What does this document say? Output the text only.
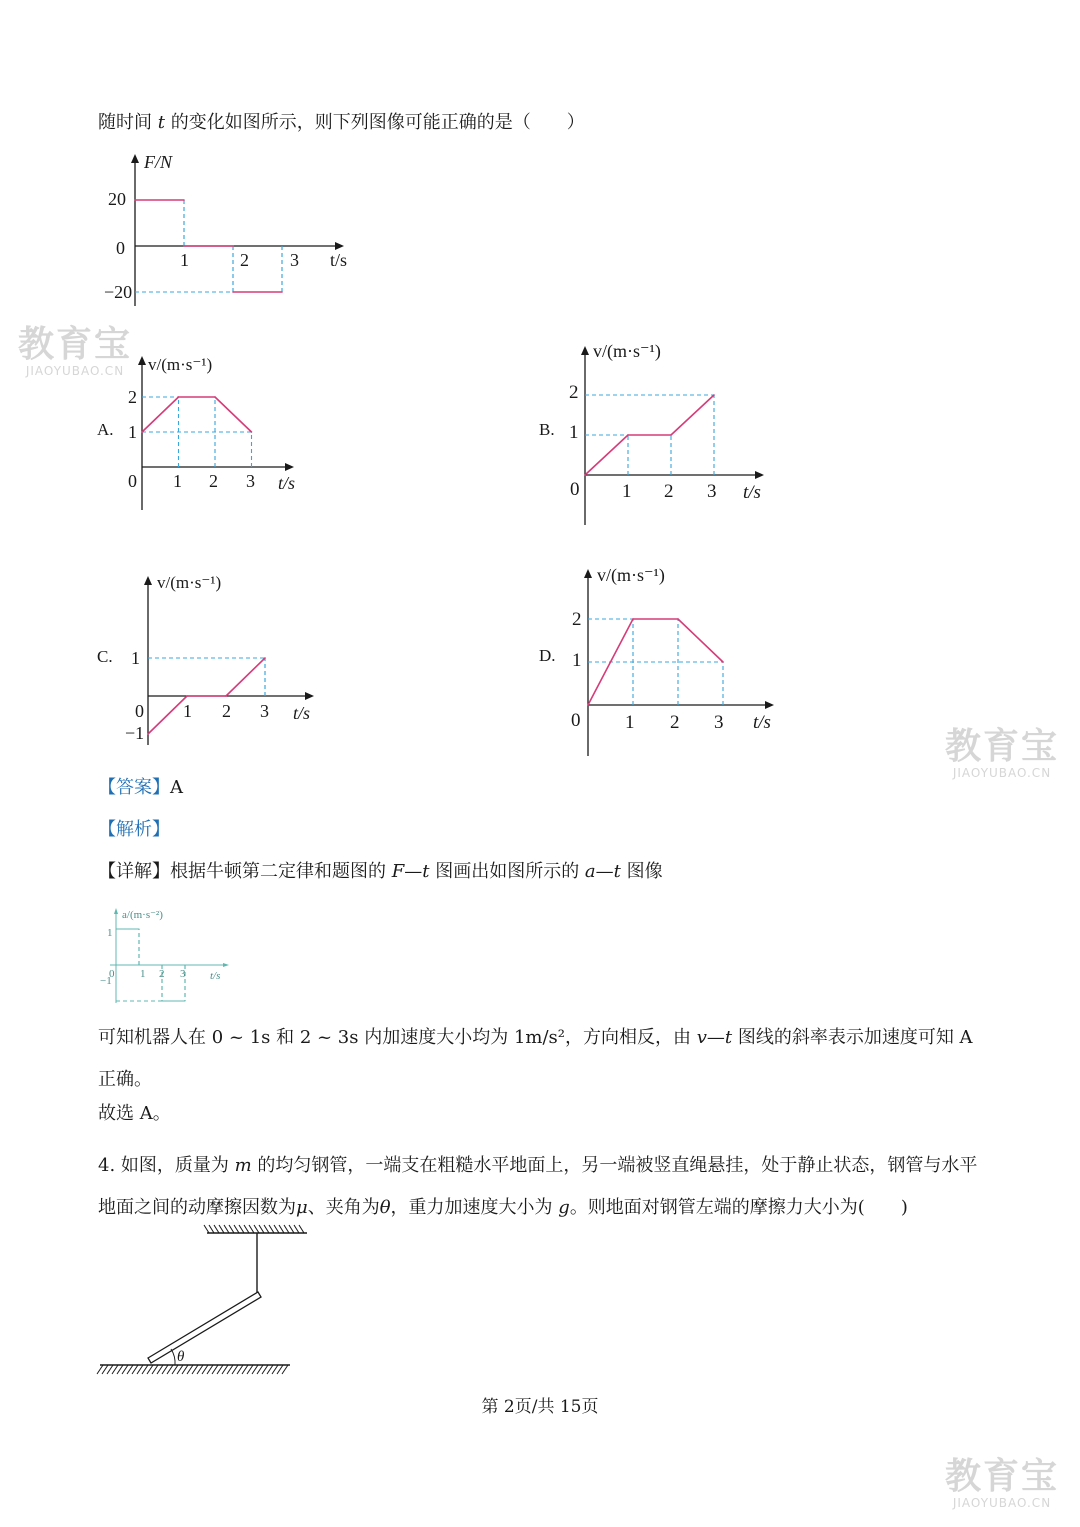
随时间 t 的变化如图所示，则下列图像可能正确的是（　　）
F/N
t/s
20
0
−20
1	2 3
A.
v/(m·s⁻¹)
t/s
2
1
0 1 2 3
B.
v/(m·s⁻¹)
t/s
2
1
0 1 2 3
C.
v/(m·s⁻¹)
t/s
1
−1
0 1 2 3
D.
v/(m·s⁻¹)
t/s
2
1
0 1 2 3
【答案】A
【解析】
【详解】根据牛顿第二定律和题图的 F—t 图画出如图所示的 a—t 图像
a/(m·s⁻²)
t/s
1
−1
0 1 2 3
可知机器人在 0 ~ 1s 和 2 ~ 3s 内加速度大小均为 1m/s²，方向相反，由 v—t 图线的斜率表示加速度可知 A 正确。
故选 A。
4. 如图，质量为 m 的均匀钢管，一端支在粗糙水平地面上，另一端被竖直绳悬挂，处于静止状态，钢管与水平地面之间的动摩擦因数为μ、夹角为θ，重力加速度大小为 g。则地面对钢管左端的摩擦力大小为(　　)
θ
第 2页/共 15页
教育宝
JIAOYUBAO.CN
教育宝
JIAOYUBAO.CN
教育宝
JIAOYUBAO.CN
